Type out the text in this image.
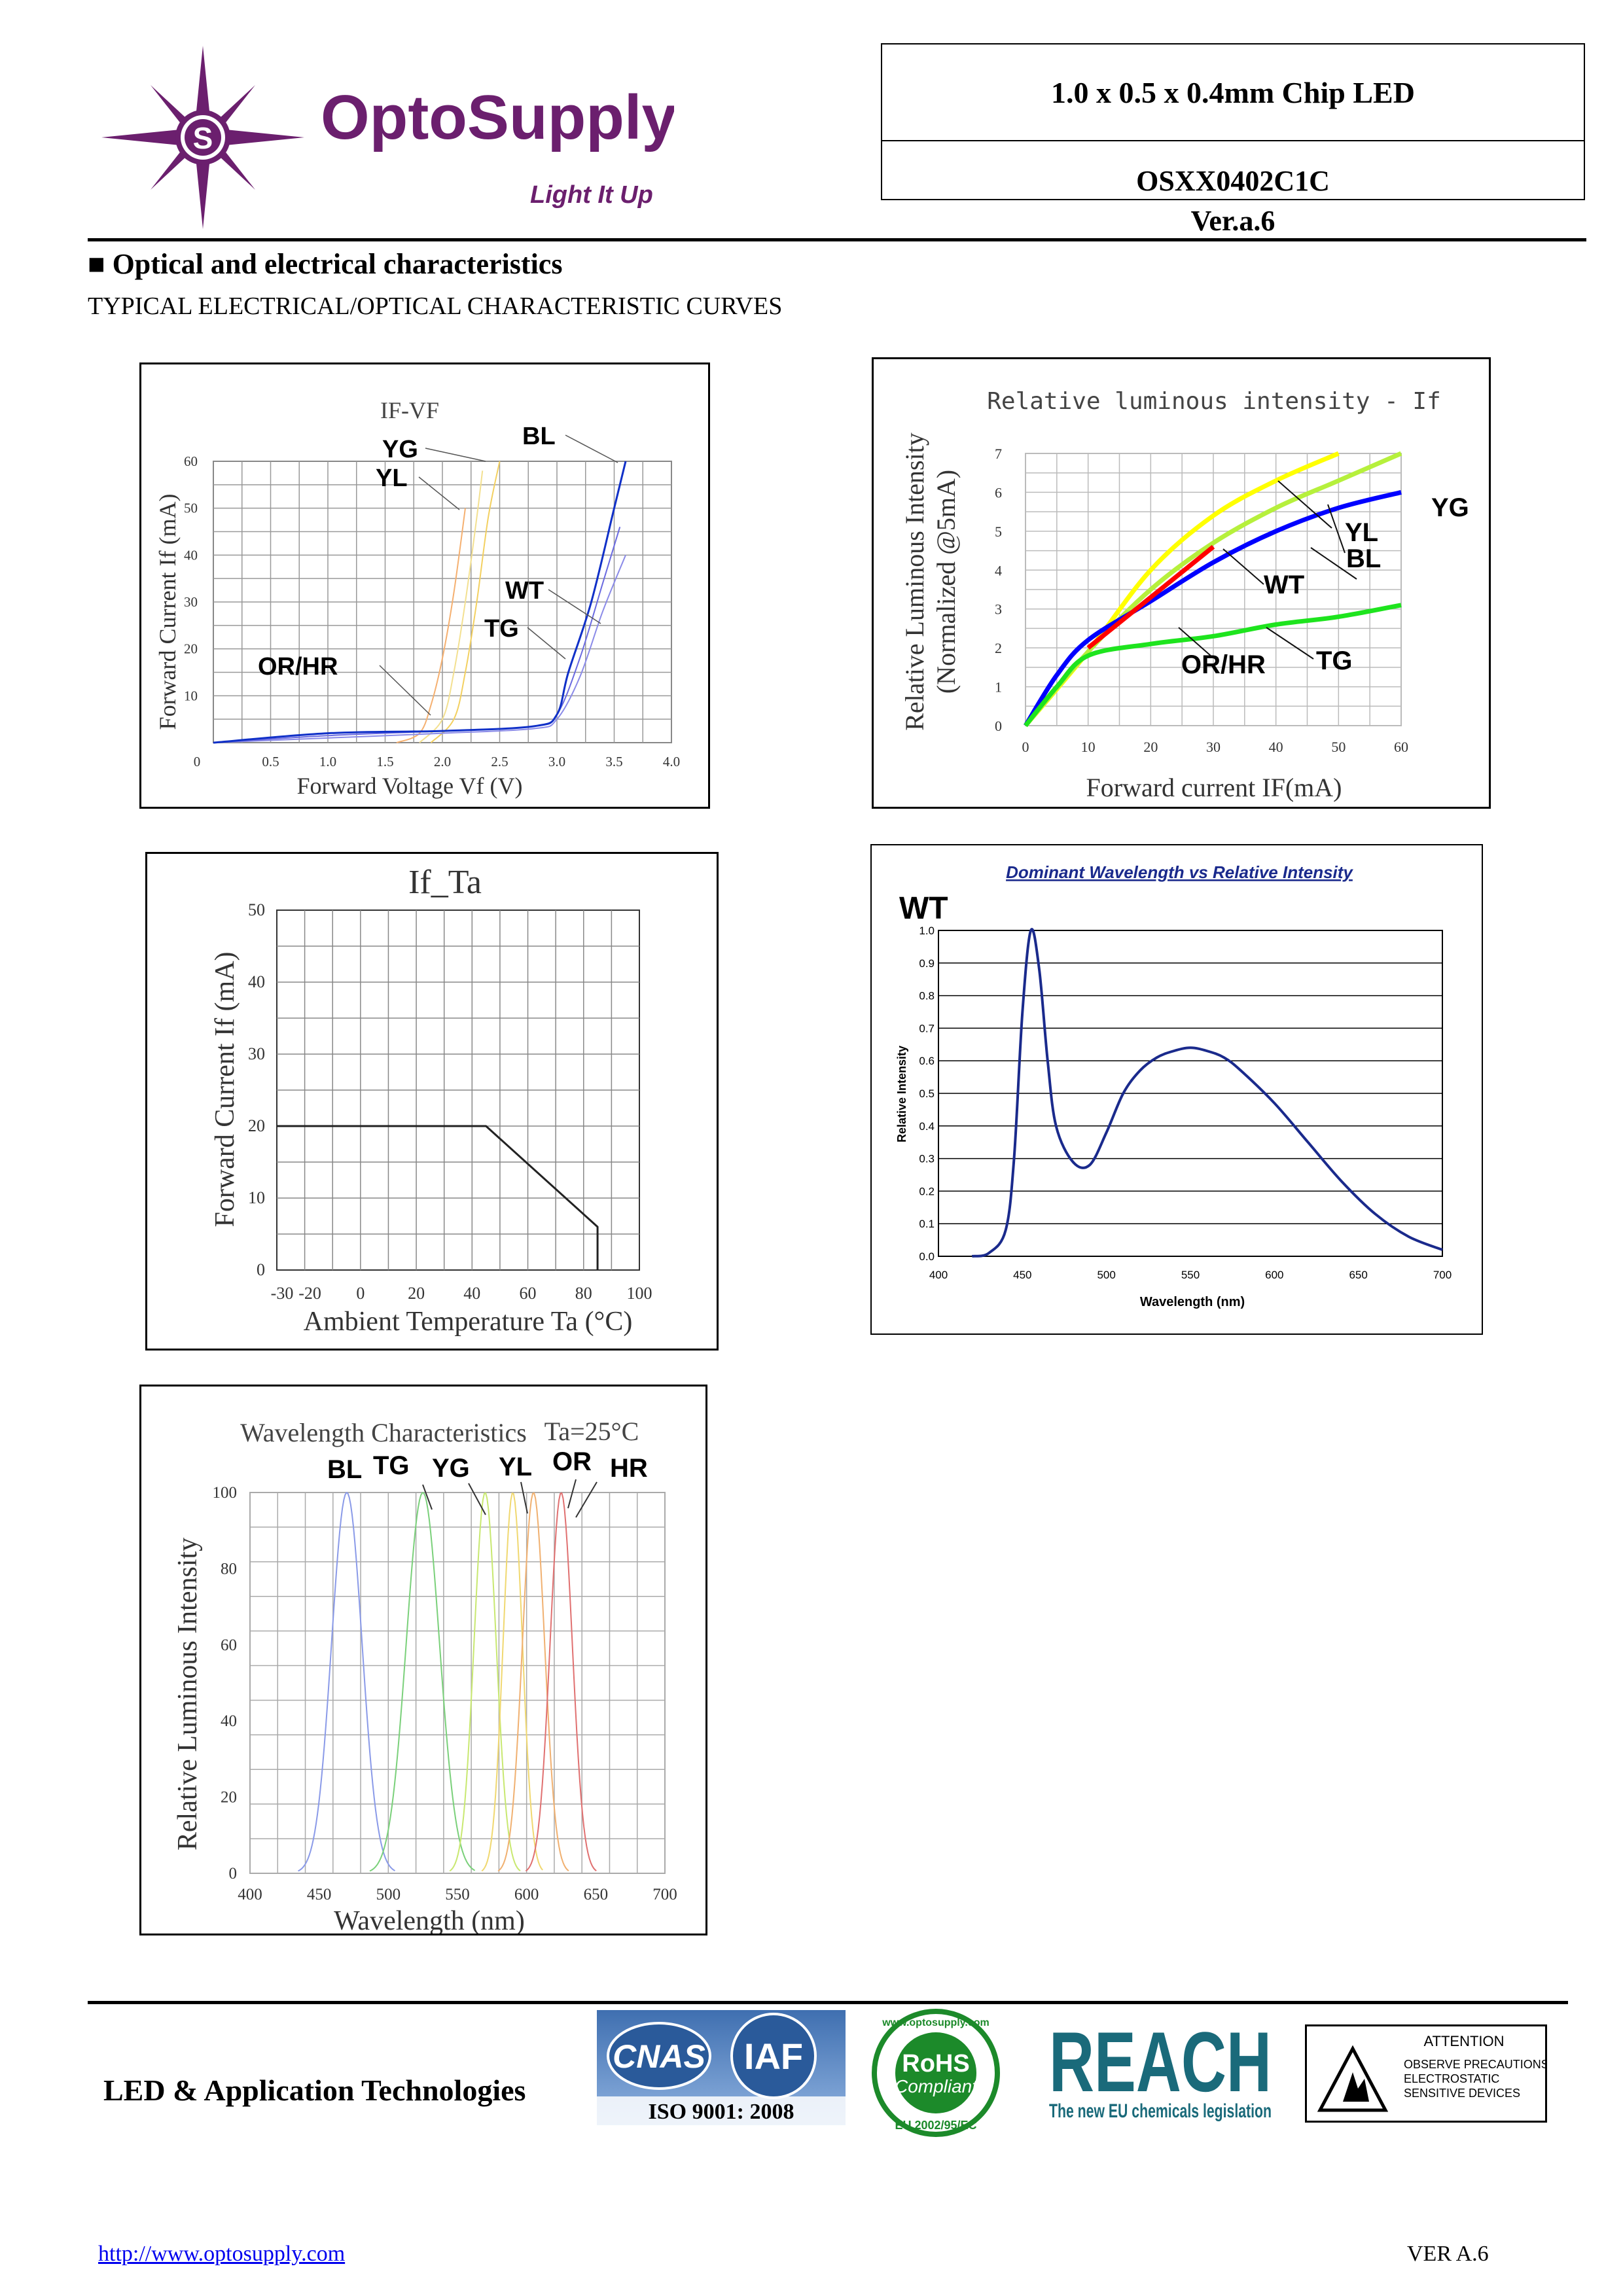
S OptoSupply
Light It Up
1.0 x 0.5 x 0.4mm Chip LED
OSXX0402C1C
Ver.a.6
■ Optical and electrical characteristics
TYPICAL ELECTRICAL/OPTICAL CHARACTERISTIC CURVES
IF-VF
0.5	1.0	1.5	2.0	2.5	3.0	3.5	4.0
0
10
20
30
40
50
60
Forward Voltage Vf (V)
Forward Current If (mA)
YG	BL
YL
WT
TG
OR/HR
Relative luminous intensity - If
0	10	20	30	40	50	60
0
1
2
3
4
5
6
7
Forward current IF(mA)
Relative Luminous Intensity (Normalized @5mA)	YG
YL
BL
WT
OR/HR TG
If_Ta
-30 -20 0	20 40 60 80 100
0
10
20
30
40
50
Ambient Temperature Ta (°C)
Forward Current If (mA)
Dominant Wavelength vs Relative Intensity
WT
400	450	500	550	600	650	700
0.0
0.1
0.2
0.3
0.4
0.5
0.6
0.7
0.8
0.9
1.0
Wavelength (nm)
Relative Intensity
Wavelength Characteristics Ta=25°C
400	450	500	550	600	650	700
0
20
40
60
80
100
Wavelength (nm)
Relative Luminous Intensity
BL TG YG YL OR HR
LED & Application Technologies
CNAS IAF
ISO 9001: 2008
www.optosupply.com
RoHS
Compliant
EU 2002/95/EC
REACH
The new EU chemicals legislation
ATTENTION
OBSERVE PRECAUTIONS
ELECTROSTATIC
SENSITIVE DEVICES
http://www.optosupply.com	VER A.6
